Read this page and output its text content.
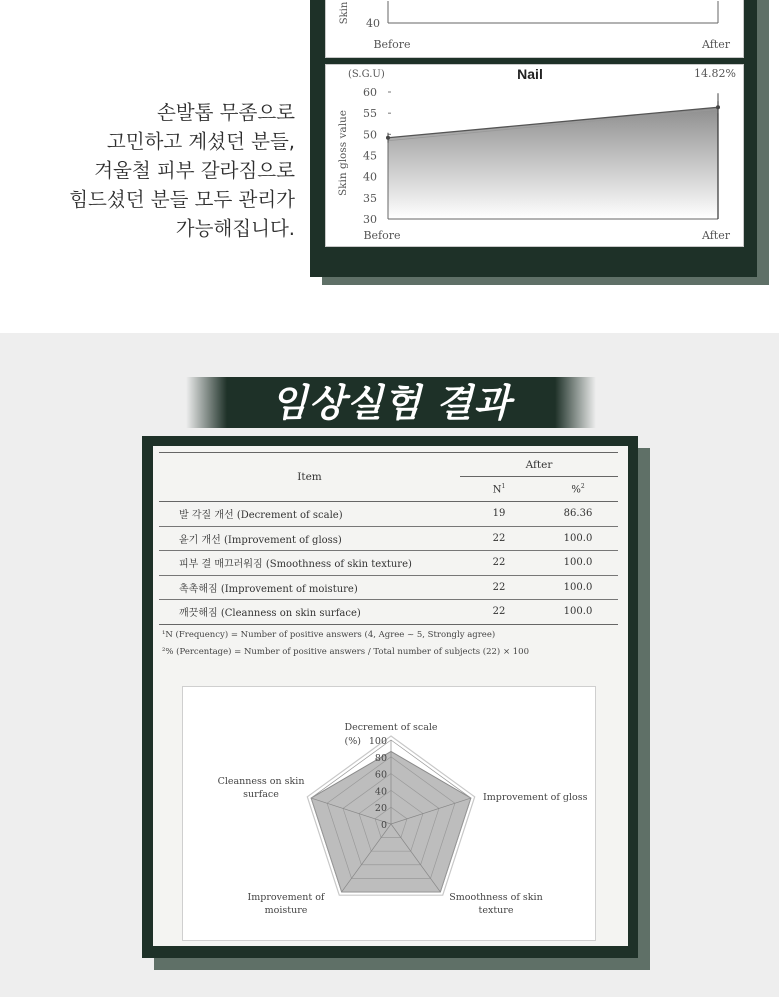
손발톱 무좀으로

고민하고 계셨던 분들,

겨울철 피부 갈라짐으로

힘드셨던 분들 모두 관리가

가능해집니다.

Skin 40
Before	After
(S.G.U)	Nail	14.82%
Skin gloss value
60
55
50
45
40
35
30
Before	After
임상실험 결과
Item	After	
	$N^1$	%$^2$
발 각질 개선 (Decrement of scale)	19	86.36
윤기 개선 (Improvement of gloss)	22	100.0
피부 결 매끄러워짐 (Smoothness of skin texture)	22	100.0
촉촉해짐 (Improvement of moisture)	22	100.0
깨끗해짐 (Cleanness on skin surface)	22	100.0
¹N (Frequency) = Number of positive answers (4, Agree ~ 5, Strongly agree)
²% (Percentage) = Number of positive answers / Total number of subjects (22) × 100
100
80
60
40
20
0
(%)
Decrement of scale
Improvement of gloss
Smoothness of skin
texture
Improvement of
moisture
Cleanness on skin
surface
